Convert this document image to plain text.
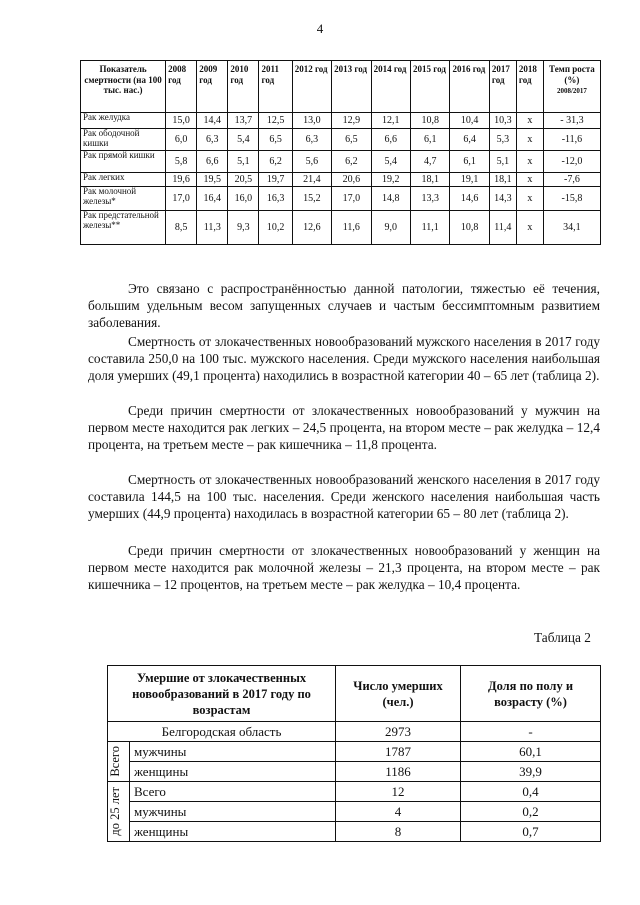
4
Показатель смертности (на 100 тыс. нас.)	2008 год	2009 год	2010 год	2011 год	2012 год	2013 год	2014 год	2015 год	2016 год	2017 год	2018 год	Темп роста (%)
2008/2017
Рак желудка	15,0	14,4	13,7	12,5	13,0	12,9	12,1	10,8	10,4	10,3	х	- 31,3
Рак ободочной кишки	6,0	6,3	5,4	6,5	6,3	6,5	6,6	6,1	6,4	5,3	х	-11,6
Рак прямой кишки	5,8	6,6	5,1	6,2	5,6	6,2	5,4	4,7	6,1	5,1	х	-12,0
Рак легких	19,6	19,5	20,5	19,7	21,4	20,6	19,2	18,1	19,1	18,1	х	-7,6
Рак молочной железы*	17,0	16,4	16,0	16,3	15,2	17,0	14,8	13,3	14,6	14,3	х	-15,8
Рак предстательной железы**	8,5	11,3	9,3	10,2	12,6	11,6	9,0	11,1	10,8	11,4	х	34,1
Это связано с распространённостью данной патологии, тяжестью её течения, большим удельным весом запущенных случаев и частым бессимптомным развитием заболевания.
Смертность от злокачественных новообразований мужского населения в 2017 году составила 250,0 на 100 тыс. мужского населения. Среди мужского населения наибольшая доля умерших (49,1 процента) находились в возрастной категории 40 – 65 лет (таблица 2).
Среди причин смертности от злокачественных новообразований у мужчин на первом месте находится рак легких – 24,5 процента, на втором месте – рак желудка – 12,4 процента, на третьем месте – рак кишечника – 11,8 процента.
Смертность от злокачественных новообразований женского населения в 2017 году составила 144,5 на 100 тыс. населения. Среди женского населения наибольшая часть умерших (44,9 процента) находилась в возрастной категории 65 – 80 лет (таблица 2).
Среди причин смертности от злокачественных новообразований у женщин на первом месте находится рак молочной железы – 21,3 процента, на втором месте – рак кишечника – 12 процентов, на третьем месте – рак желудка – 10,4 процента.
Таблица 2
Умершие от злокачественных новообразований в 2017 году по возрастам		Число умерших (чел.)	Доля по полу и возрасту (%)
Белгородская область		2973	-

Всего	мужчины	1787	60,1
	женщины	1186	39,9

до 25 лет	Всего	12	0,4
	мужчины	4	0,2
	женщины	8	0,7
